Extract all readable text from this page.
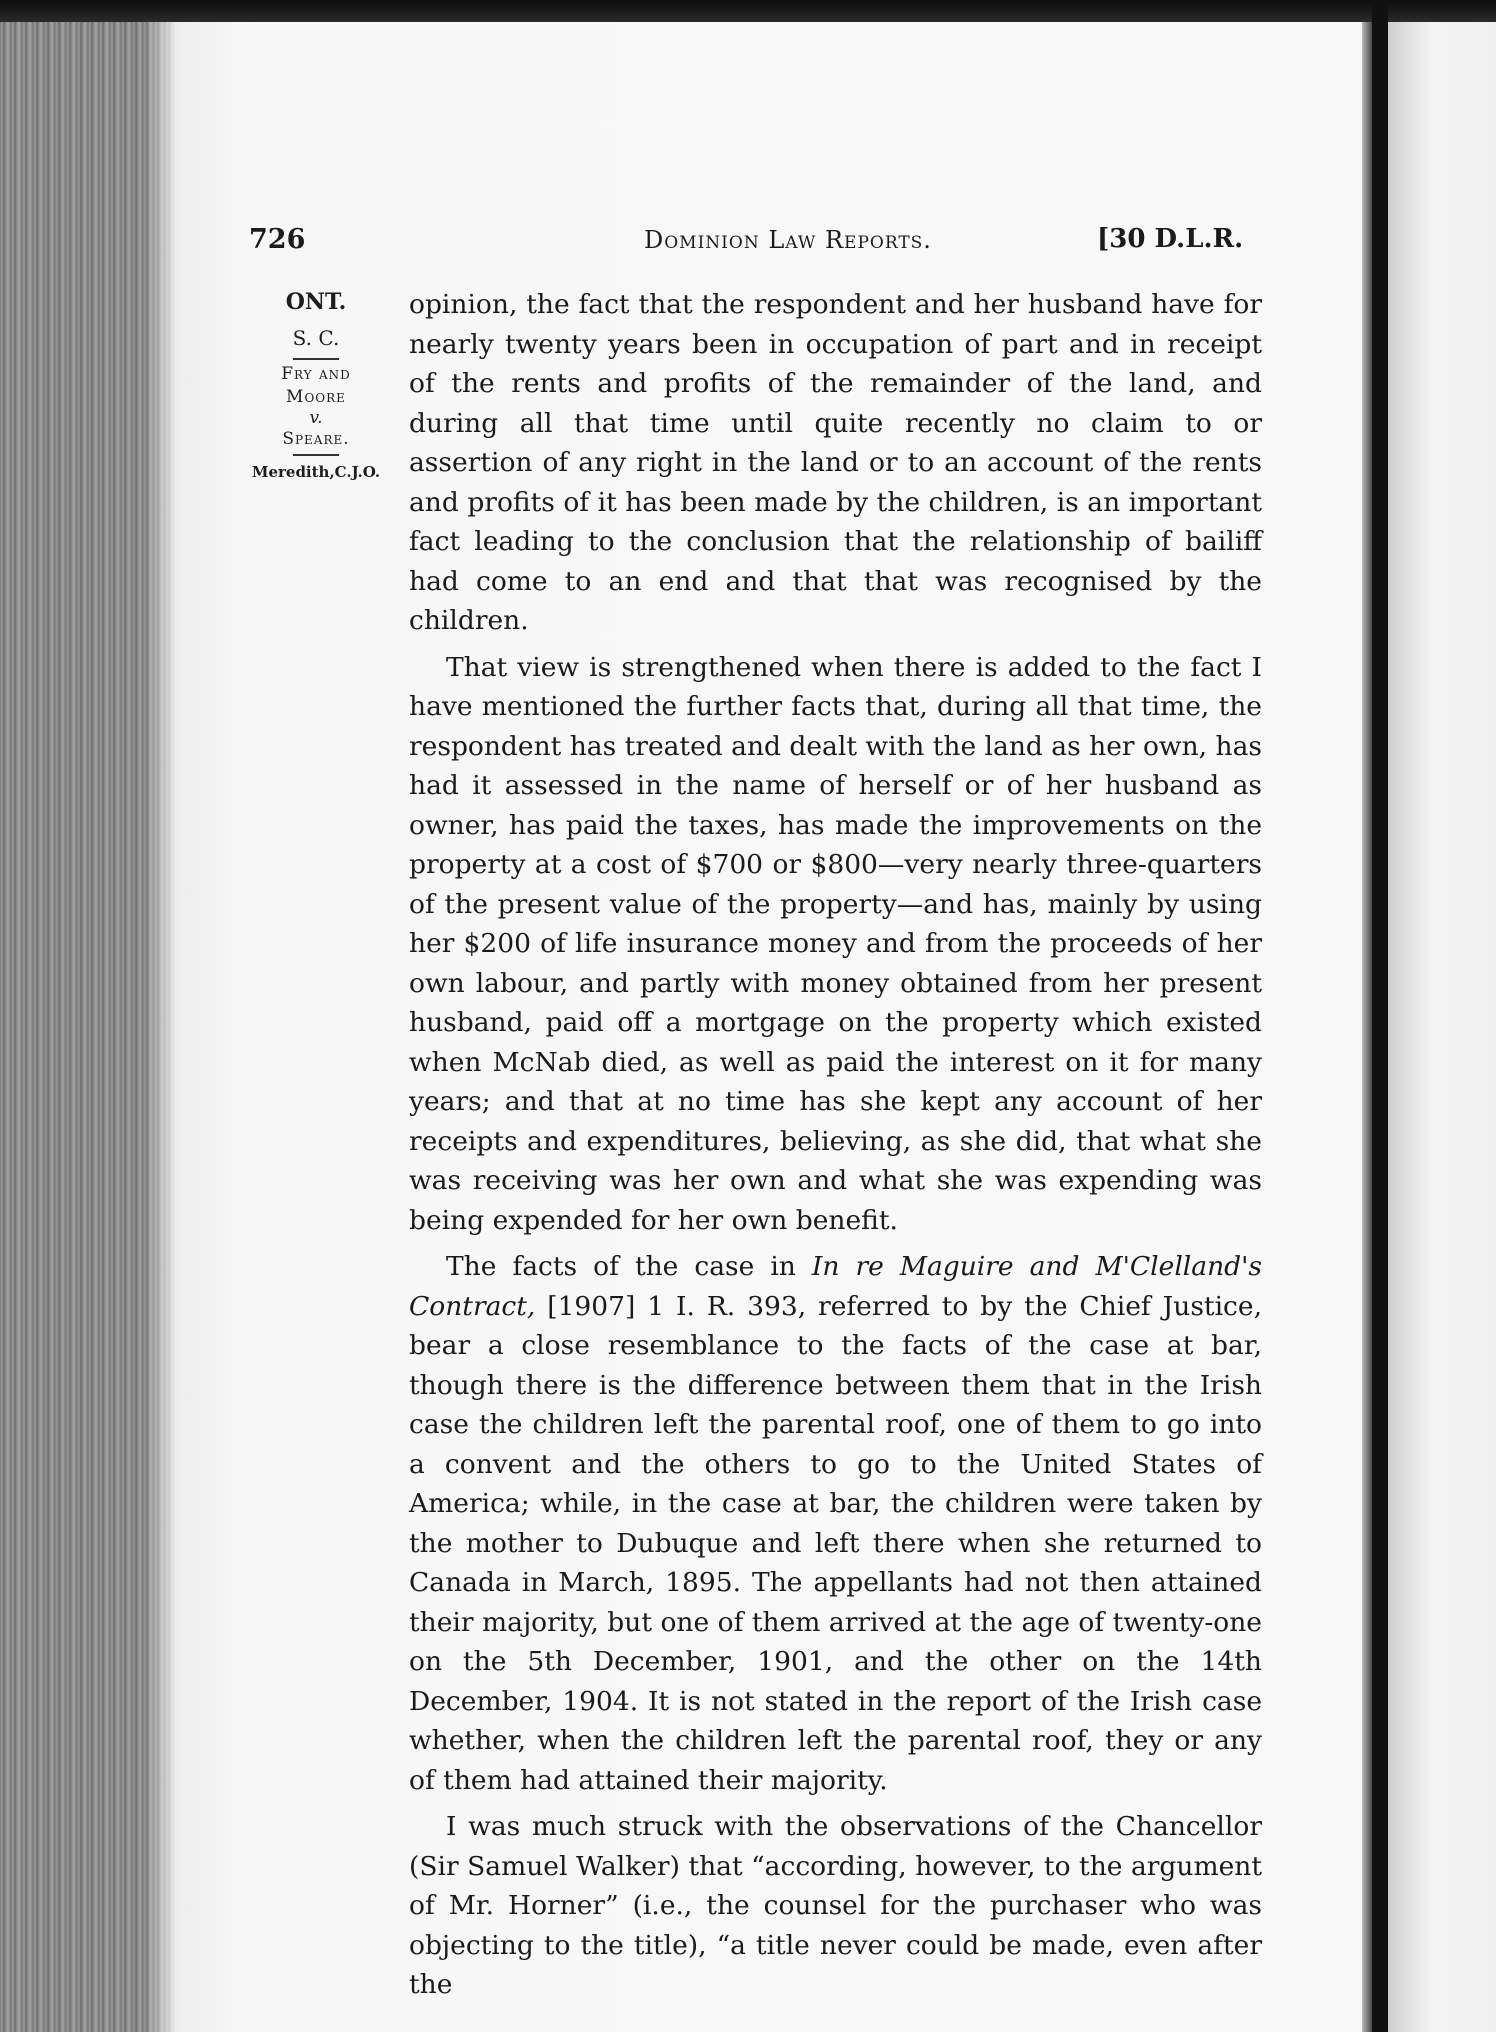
726	Dominion Law Reports.	[30 D.L.R.
ONT.
S. C.
Fry and
Moore
v.
Speare.
Meredith,C.J.O.

opinion, the fact that the respondent and her husband have for nearly twenty years been in occupation of part and in receipt of the rents and profits of the remainder of the land, and during all that time until quite recently no claim to or assertion of any right in the land or to an account of the rents and profits of it has been made by the children, is an important fact leading to the conclusion that the relationship of bailiff had come to an end and that that was recognised by the children.

That view is strengthened when there is added to the fact I have mentioned the further facts that, during all that time, the respondent has treated and dealt with the land as her own, has had it assessed in the name of herself or of her husband as owner, has paid the taxes, has made the improvements on the property at a cost of $700 or $800—very nearly three-quarters of the present value of the property—and has, mainly by using her $200 of life insurance money and from the proceeds of her own labour, and partly with money obtained from her present husband, paid off a mortgage on the property which existed when McNab died, as well as paid the interest on it for many years; and that at no time has she kept any account of her receipts and expenditures, believing, as she did, that what she was receiving was her own and what she was expending was being expended for her own benefit.

The facts of the case in In re Maguire and M'Clelland's Contract, [1907] 1 I. R. 393, referred to by the Chief Justice, bear a close resemblance to the facts of the case at bar, though there is the difference between them that in the Irish case the children left the parental roof, one of them to go into a convent and the others to go to the United States of America; while, in the case at bar, the children were taken by the mother to Dubuque and left there when she returned to Canada in March, 1895. The appellants had not then attained their majority, but one of them arrived at the age of twenty-one on the 5th December, 1901, and the other on the 14th December, 1904. It is not stated in the report of the Irish case whether, when the children left the parental roof, they or any of them had attained their majority.

I was much struck with the observations of the Chancellor (Sir Samuel Walker) that “according, however, to the argument of Mr. Horner” (i.e., the counsel for the purchaser who was objecting to the title), “a title never could be made, even after the
